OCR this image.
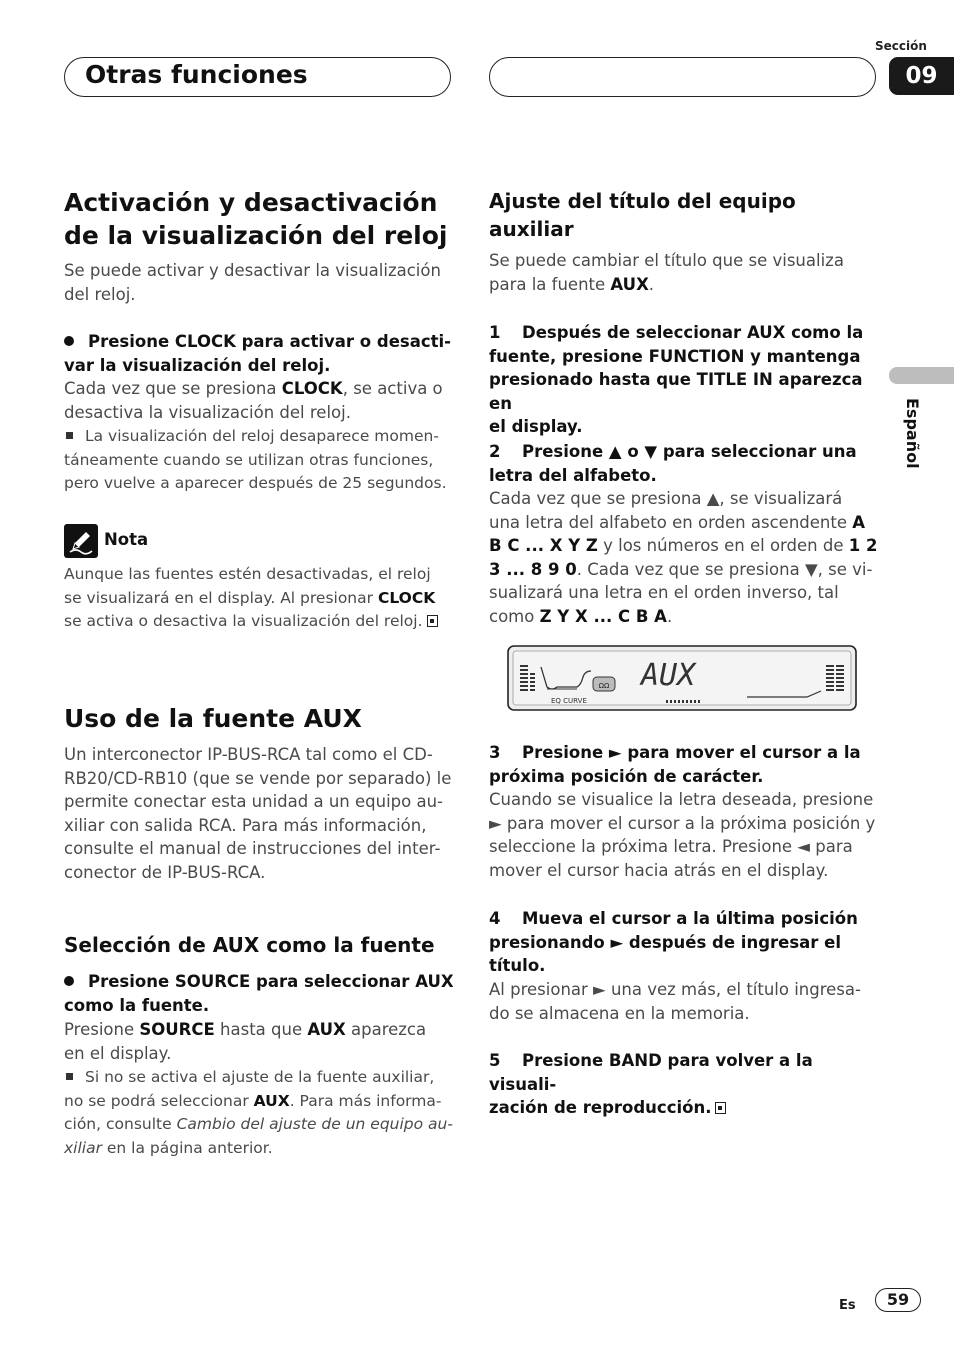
Otras funciones
Sección
09
Activación y desactivación
de la visualización del reloj
Se puede activar y desactivar la visualización
del reloj.
Presione CLOCK para activar o desacti-
var la visualización del reloj.
Cada vez que se presiona CLOCK, se activa o
desactiva la visualización del reloj.
La visualización del reloj desaparece momen-
táneamente cuando se utilizan otras funciones,
pero vuelve a aparecer después de 25 segundos.
Nota
Aunque las fuentes estén desactivadas, el reloj
se visualizará en el display. Al presionar CLOCK
se activa o desactiva la visualización del reloj.
Uso de la fuente AUX
Un interconector IP-BUS-RCA tal como el CD-
RB20/CD-RB10 (que se vende por separado) le
permite conectar esta unidad a un equipo au-
xiliar con salida RCA. Para más información,
consulte el manual de instrucciones del inter-
conector de IP-BUS-RCA.
Selección de AUX como la fuente
Presione SOURCE para seleccionar AUX
como la fuente.
Presione SOURCE hasta que AUX aparezca
en el display.
Si no se activa el ajuste de la fuente auxiliar,
no se podrá seleccionar AUX. Para más informa-
ción, consulte Cambio del ajuste de un equipo au-
xiliar en la página anterior.
Ajuste del título del equipo
auxiliar
Se puede cambiar el título que se visualiza
para la fuente AUX.
1 Después de seleccionar AUX como la
fuente, presione FUNCTION y mantenga
presionado hasta que TITLE IN aparezca en
el display.
2 Presione ▲ o ▼ para seleccionar una
letra del alfabeto.
Cada vez que se presiona ▲, se visualizará
una letra del alfabeto en orden ascendente A
B C ... X Y Z y los números en el orden de 1 2
3 ... 8 9 0. Cada vez que se presiona ▼, se vi-
sualizará una letra en el orden inverso, tal
como Z Y X ... C B A.
ΩΩ AUX
EQ CURVE
3 Presione ► para mover el cursor a la
próxima posición de carácter.
Cuando se visualice la letra deseada, presione
► para mover el cursor a la próxima posición y
seleccione la próxima letra. Presione ◄ para
mover el cursor hacia atrás en el display.
4 Mueva el cursor a la última posición
presionando ► después de ingresar el
título.
Al presionar ► una vez más, el título ingresa-
do se almacena en la memoria.
5 Presione BAND para volver a la visuali-
zación de reproducción.
Español
Es	59
